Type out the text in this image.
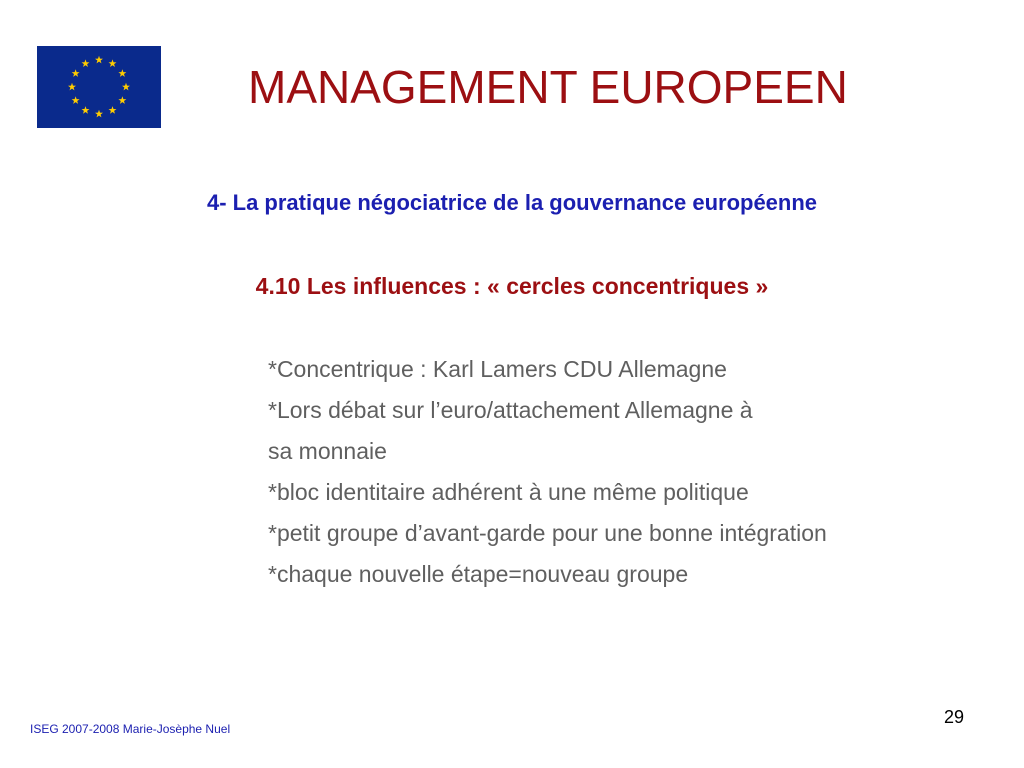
MANAGEMENT EUROPEEN
4- La pratique négociatrice de la gouvernance européenne
4.10 Les influences : « cercles concentriques »
*Concentrique : Karl Lamers CDU Allemagne
*Lors débat sur l’euro/attachement Allemagne à
sa monnaie
*bloc identitaire adhérent à une même politique
*petit groupe d’avant-garde pour une bonne intégration
*chaque nouvelle étape=nouveau groupe
ISEG 2007-2008 Marie-Josèphe Nuel
29
